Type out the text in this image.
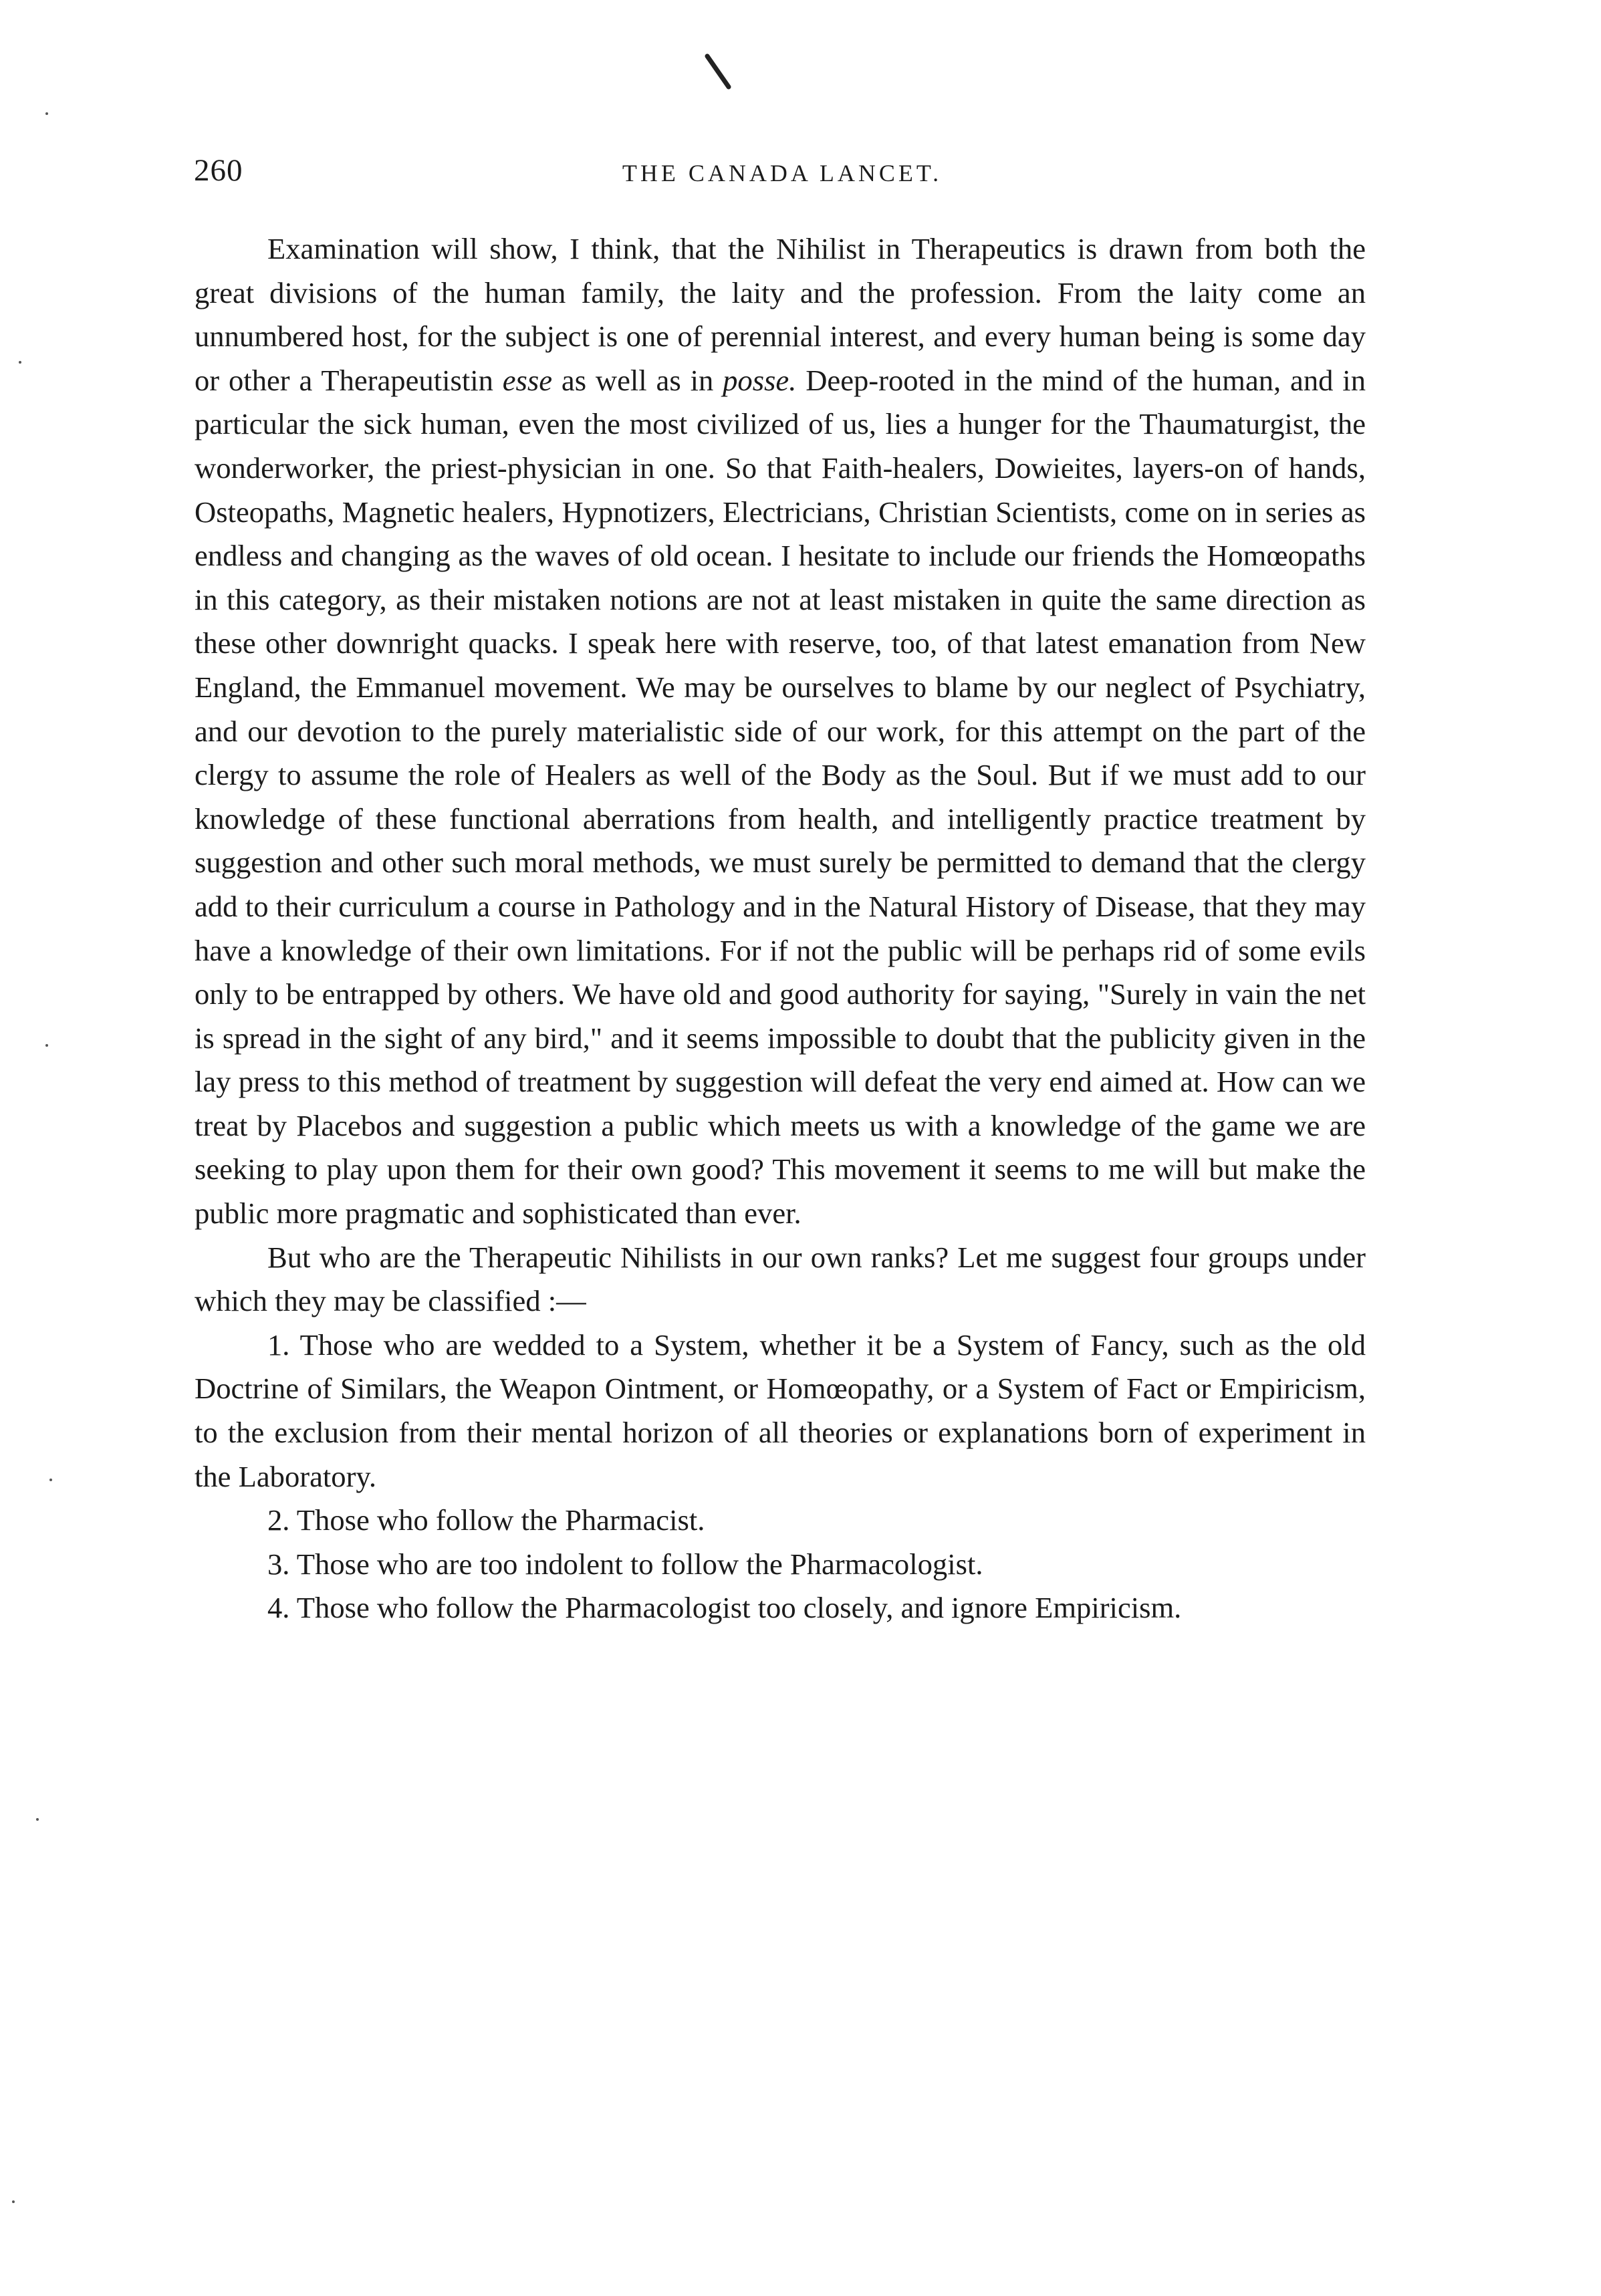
260	THE CANADA LANCET.

Examination will show, I think, that the Nihilist in Therapeutics is drawn from both the great divisions of the human family, the laity and the profession. From the laity come an unnumbered host, for the subject is one of perennial interest, and every human being is some day or other a Therapeutistin esse as well as in posse. Deep-rooted in the mind of the human, and in particular the sick human, even the most civilized of us, lies a hunger for the Thaumaturgist, the wonderworker, the priest-physician in one. So that Faith-healers, Dowieites, layers-on of hands, Osteopaths, Magnetic healers, Hypnotizers, Electricians, Christian Scientists, come on in series as endless and changing as the waves of old ocean. I hesitate to include our friends the Homœopaths in this category, as their mistaken notions are not at least mistaken in quite the same direction as these other downright quacks. I speak here with reserve, too, of that latest emanation from New England, the Emmanuel movement. We may be ourselves to blame by our neglect of Psychiatry, and our devotion to the purely materialistic side of our work, for this attempt on the part of the clergy to assume the role of Healers as well of the Body as the Soul. But if we must add to our knowledge of these functional aberrations from health, and intelligently practice treatment by suggestion and other such moral methods, we must surely be permitted to demand that the clergy add to their curriculum a course in Pathology and in the Natural History of Disease, that they may have a knowledge of their own limitations. For if not the public will be perhaps rid of some evils only to be entrapped by others. We have old and good authority for saying, "Surely in vain the net is spread in the sight of any bird," and it seems impossible to doubt that the publicity given in the lay press to this method of treatment by suggestion will defeat the very end aimed at. How can we treat by Placebos and suggestion a public which meets us with a knowledge of the game we are seeking to play upon them for their own good? This movement it seems to me will but make the public more pragmatic and sophisticated than ever.

But who are the Therapeutic Nihilists in our own ranks? Let me suggest four groups under which they may be classified :—

1. Those who are wedded to a System, whether it be a System of Fancy, such as the old Doctrine of Similars, the Weapon Ointment, or Homœopathy, or a System of Fact or Empiricism, to the exclusion from their mental horizon of all theories or explanations born of experiment in the Laboratory.

2. Those who follow the Pharmacist.

3. Those who are too indolent to follow the Pharmacologist.

4. Those who follow the Pharmacologist too closely, and ignore Empiricism.
